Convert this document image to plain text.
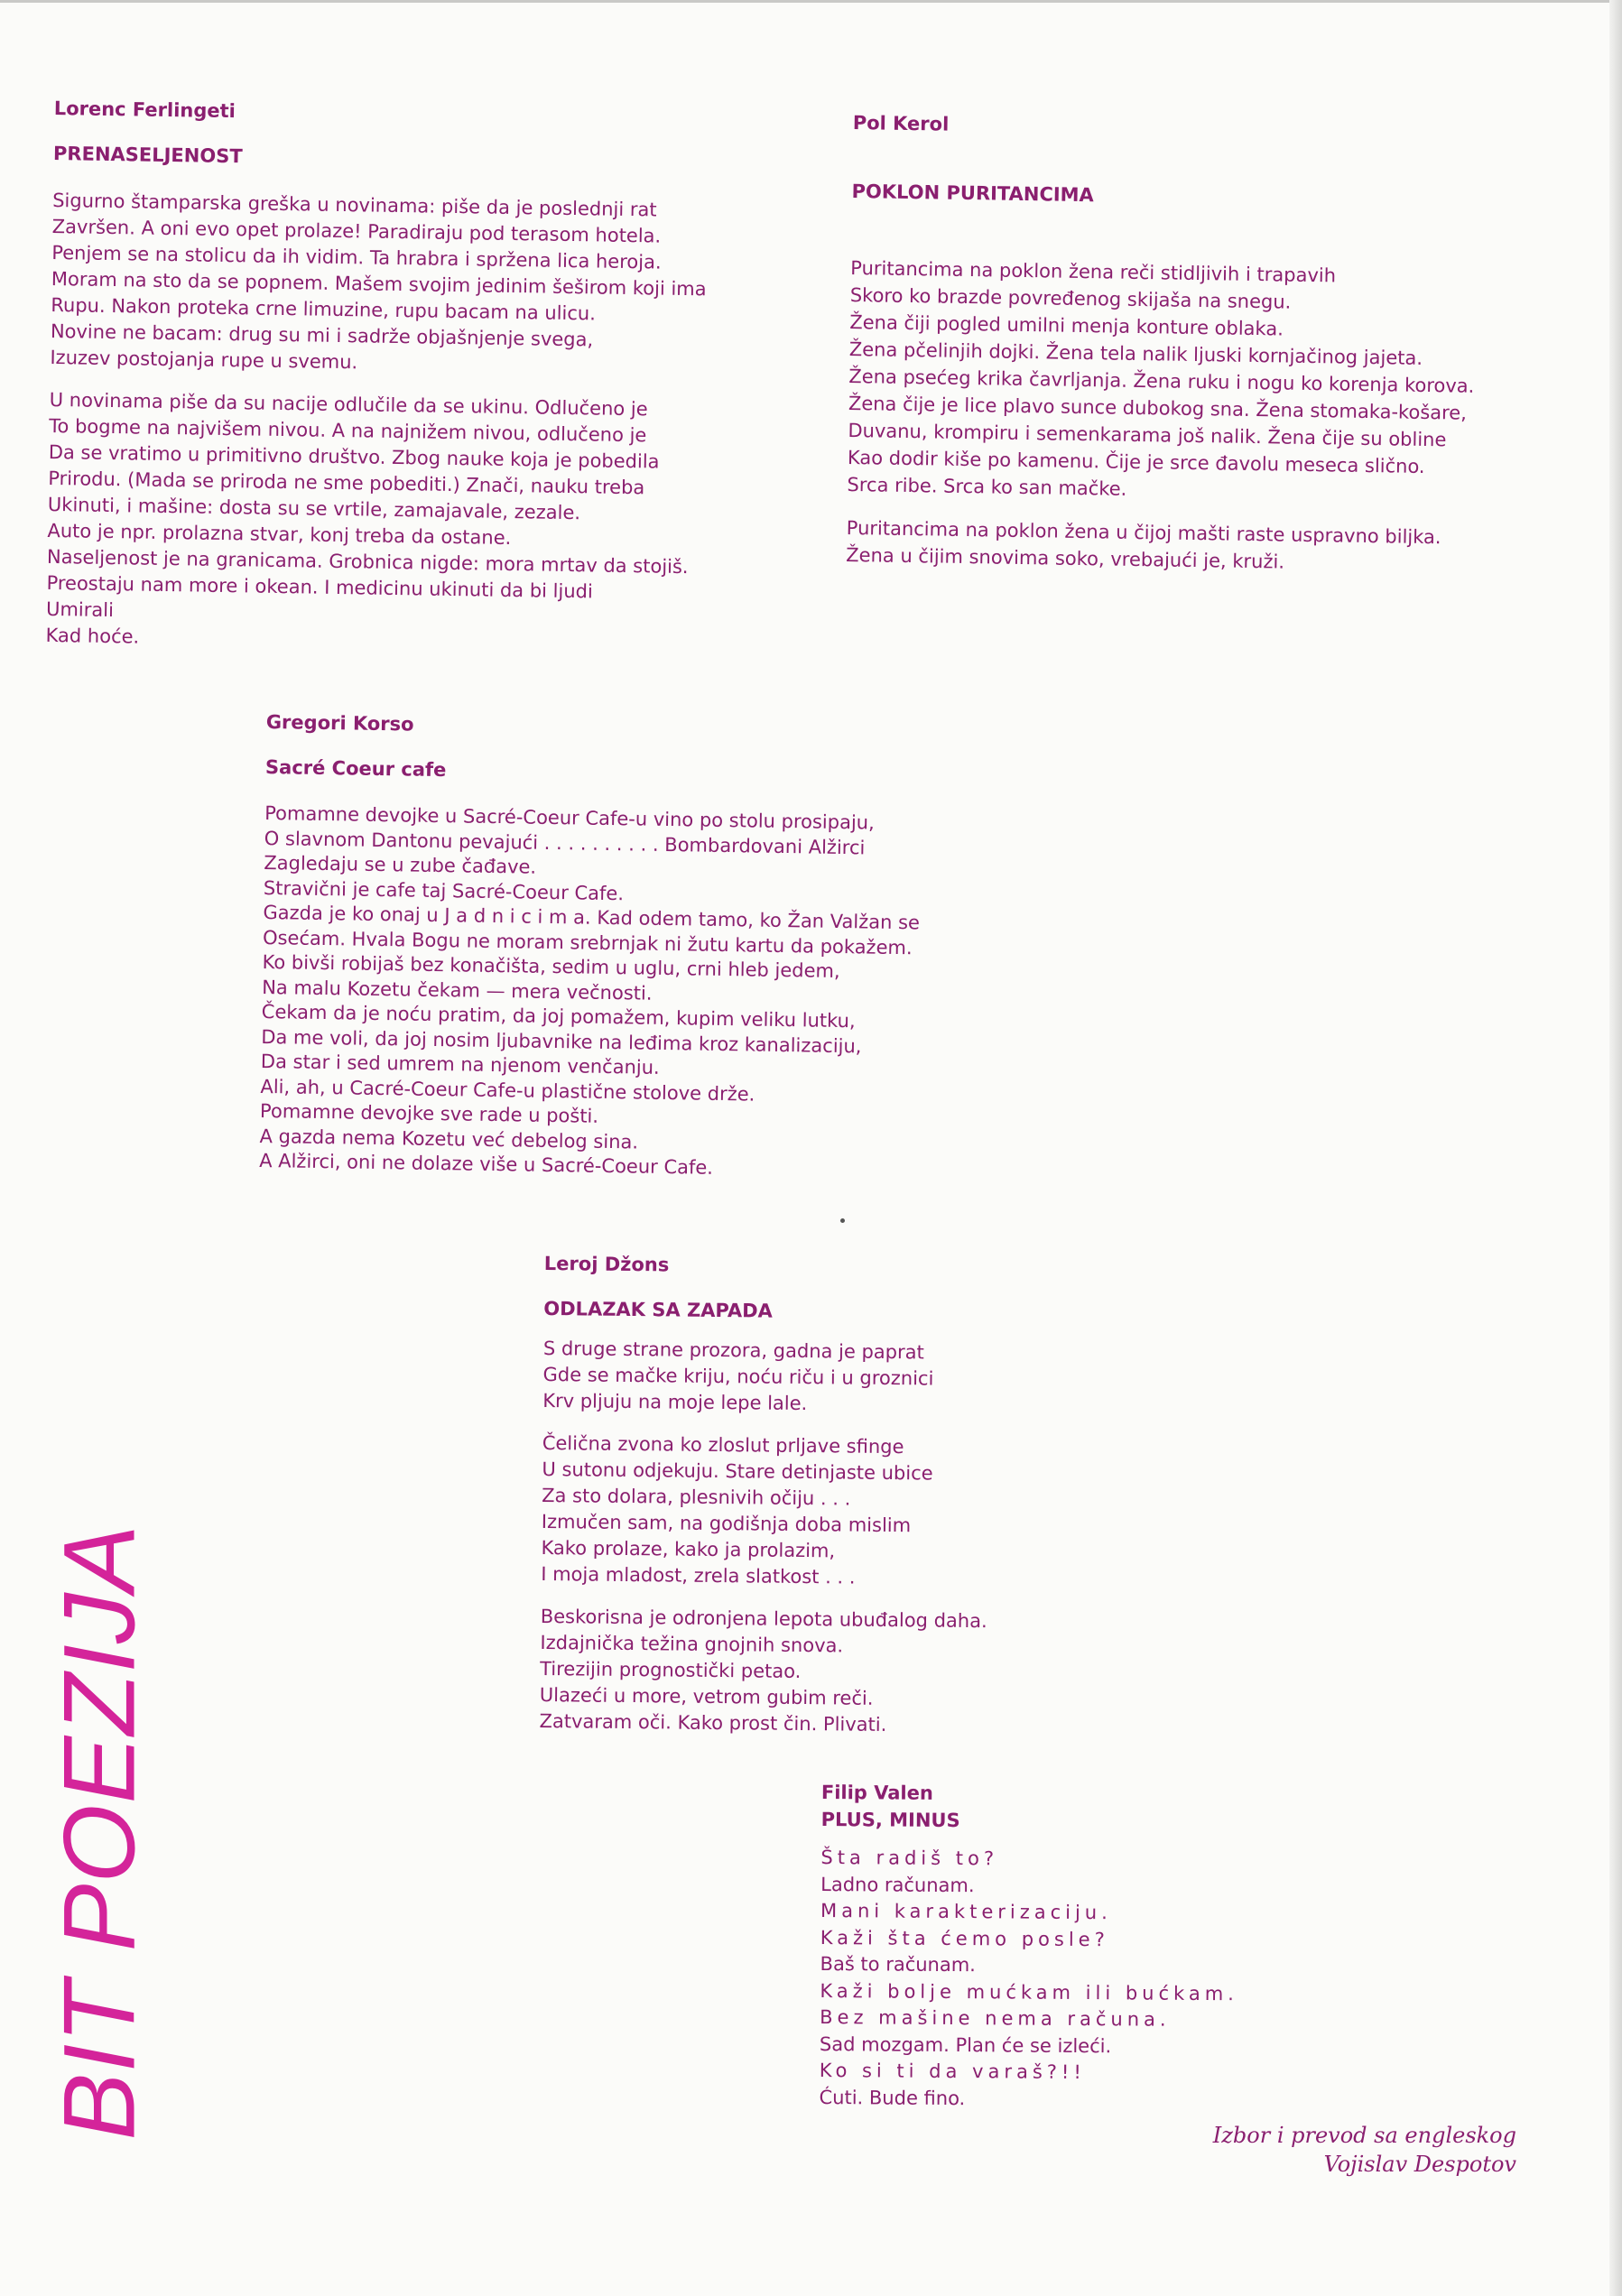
BIT POEZIJA

Lorenc Ferlingeti

PRENASELJENOST

Sigurno štamparska greška u novinama: piše da je poslednji rat
Završen. A oni evo opet prolaze! Paradiraju pod terasom hotela.
Penjem se na stolicu da ih vidim. Ta hrabra i spržena lica heroja.
Moram na sto da se popnem. Mašem svojim jedinim šeširom koji ima
Rupu. Nakon proteka crne limuzine, rupu bacam na ulicu.
Novine ne bacam: drug su mi i sadrže objašnjenje svega,
Izuzev postojanja rupe u svemu.
U novinama piše da su nacije odlučile da se ukinu. Odlučeno je
To bogme na najvišem nivou. A na najnižem nivou, odlučeno je
Da se vratimo u primitivno društvo. Zbog nauke koja je pobedila
Prirodu. (Mada se priroda ne sme pobediti.) Znači, nauku treba
Ukinuti, i mašine: dosta su se vrtile, zamajavale, zezale.
Auto je npr. prolazna stvar, konj treba da ostane.
Naseljenost je na granicama. Grobnica nigde: mora mrtav da stojiš.
Preostaju nam more i okean. I medicinu ukinuti da bi ljudi
Umirali
Kad hoće.

Pol Kerol

POKLON PURITANCIMA

Puritancima na poklon žena reči stidljivih i trapavih
Skoro ko brazde povređenog skijaša na snegu.
Žena čiji pogled umilni menja konture oblaka.
Žena pčelinjih dojki. Žena tela nalik ljuski kornjačinog jajeta.
Žena psećeg krika čavrljanja. Žena ruku i nogu ko korenja korova.
Žena čije je lice plavo sunce dubokog sna. Žena stomaka-košare,
Duvanu, krompiru i semenkarama još nalik. Žena čije su obline
Kao dodir kiše po kamenu. Čije je srce đavolu meseca slično.
Srca ribe. Srca ko san mačke.
Puritancima na poklon žena u čijoj mašti raste uspravno biljka.
Žena u čijim snovima soko, vrebajući je, kruži.

Gregori Korso

Sacré Coeur cafe

Pomamne devojke u Sacré-Coeur Cafe-u vino po stolu prosipaju,
O slavnom Dantonu pevajući . . . . . . . . . . Bombardovani Alžirci
Zagledaju se u zube čađave.
Stravični je cafe taj Sacré-Coeur Cafe.
Gazda je ko onaj u J a d n i c i m a. Kad odem tamo, ko Žan Valžan se
Osećam. Hvala Bogu ne moram srebrnjak ni žutu kartu da pokažem.
Ko bivši robijaš bez konačišta, sedim u uglu, crni hleb jedem,
Na malu Kozetu čekam — mera večnosti.
Čekam da je noću pratim, da joj pomažem, kupim veliku lutku,
Da me voli, da joj nosim ljubavnike na leđima kroz kanalizaciju,
Da star i sed umrem na njenom venčanju.
Ali, ah, u Cacré-Coeur Cafe-u plastične stolove drže.
Pomamne devojke sve rade u pošti.
A gazda nema Kozetu već debelog sina.
A Alžirci, oni ne dolaze više u Sacré-Coeur Cafe.

Leroj Džons

ODLAZAK SA ZAPADA

S druge strane prozora, gadna je paprat
Gde se mačke kriju, noću riču i u groznici
Krv pljuju na moje lepe lale.
Čelična zvona ko zloslut prljave sfinge
U sutonu odjekuju. Stare detinjaste ubice
Za sto dolara, plesnivih očiju . . .
Izmučen sam, na godišnja doba mislim
Kako prolaze, kako ja prolazim,
I moja mladost, zrela slatkost . . .
Beskorisna je odronjena lepota ubuđalog daha.
Izdajnička težina gnojnih snova.
Tirezijin prognostički petao.
Ulazeći u more, vetrom gubim reči.
Zatvaram oči. Kako prost čin. Plivati.

Filip Valen

PLUS, MINUS

Šta radiš to?
Ladno računam.
Mani karakterizaciju.
Kaži šta ćemo posle?
Baš to računam.
Kaži bolje mućkam ili bućkam.
Bez mašine nema računa.
Sad mozgam. Plan će se izleći.
Ko si ti da varaš?!!
Ćuti. Bude fino.
Izbor i prevod sa engleskog
Vojislav Despotov
